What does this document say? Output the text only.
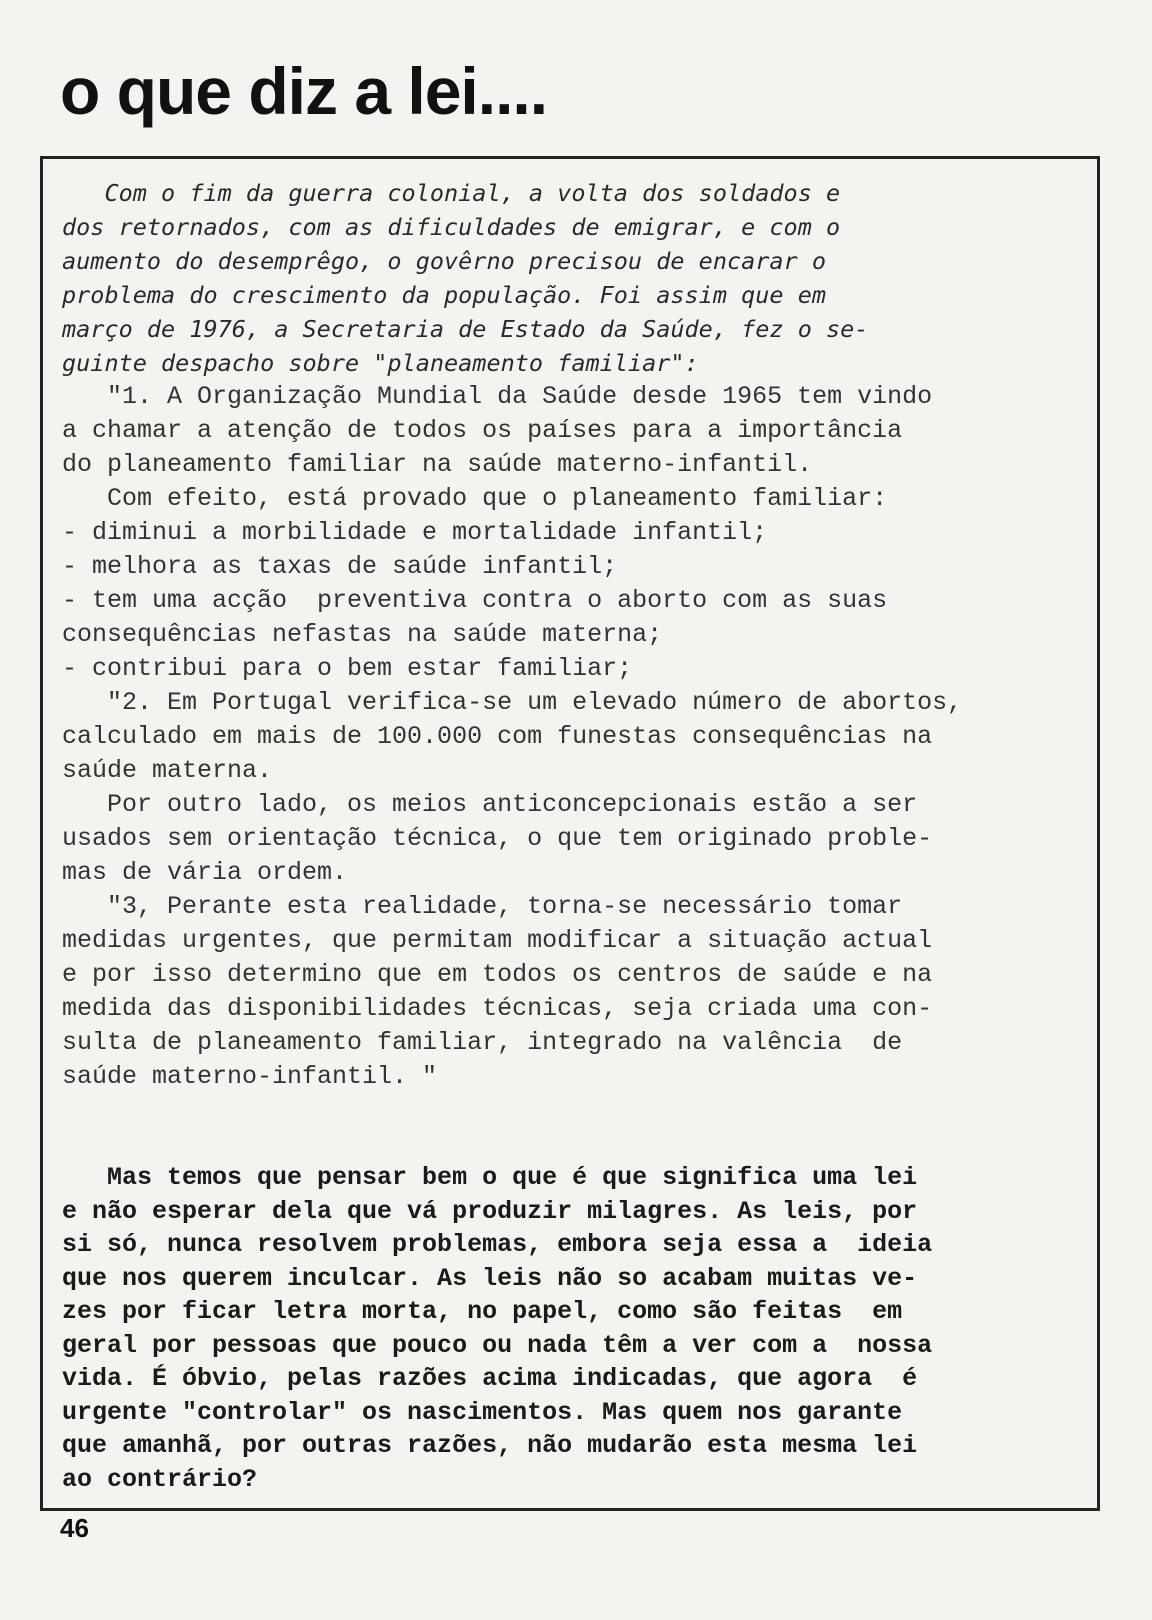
o que diz a lei....

Com o fim da guerra colonial, a volta dos soldados e
dos retornados, com as dificuldades de emigrar, e com o
aumento do desemprêgo, o govêrno precisou de encarar o
problema do crescimento da população. Foi assim que em
março de 1976, a Secretaria de Estado da Saúde, fez o se-
guinte despacho sobre "planeamento familiar":

"1. A Organização Mundial da Saúde desde 1965 tem vindo
a chamar a atenção de todos os países para a importância
do planeamento familiar na saúde materno-infantil.
Com efeito, está provado que o planeamento familiar:
- diminui a morbilidade e mortalidade infantil;
- melhora as taxas de saúde infantil;
- tem uma acção  preventiva contra o aborto com as suas
consequências nefastas na saúde materna;
- contribui para o bem estar familiar;
"2. Em Portugal verifica-se um elevado número de abortos,
calculado em mais de 100.000 com funestas consequências na
saúde materna.
Por outro lado, os meios anticoncepcionais estão a ser
usados sem orientação técnica, o que tem originado proble-
mas de vária ordem.
"3, Perante esta realidade, torna-se necessário tomar
medidas urgentes, que permitam modificar a situação actual
e por isso determino que em todos os centros de saúde e na
medida das disponibilidades técnicas, seja criada uma con-
sulta de planeamento familiar, integrado na valência  de
saúde materno-infantil. "

Mas temos que pensar bem o que é que significa uma lei
e não esperar dela que vá produzir milagres. As leis, por
si só, nunca resolvem problemas, embora seja essa a  ideia
que nos querem inculcar. As leis não so acabam muitas ve-
zes por ficar letra morta, no papel, como são feitas  em
geral por pessoas que pouco ou nada têm a ver com a  nossa
vida. É óbvio, pelas razões acima indicadas, que agora  é
urgente "controlar" os nascimentos. Mas quem nos garante
que amanhã, por outras razões, não mudarão esta mesma lei
ao contrário?

46
